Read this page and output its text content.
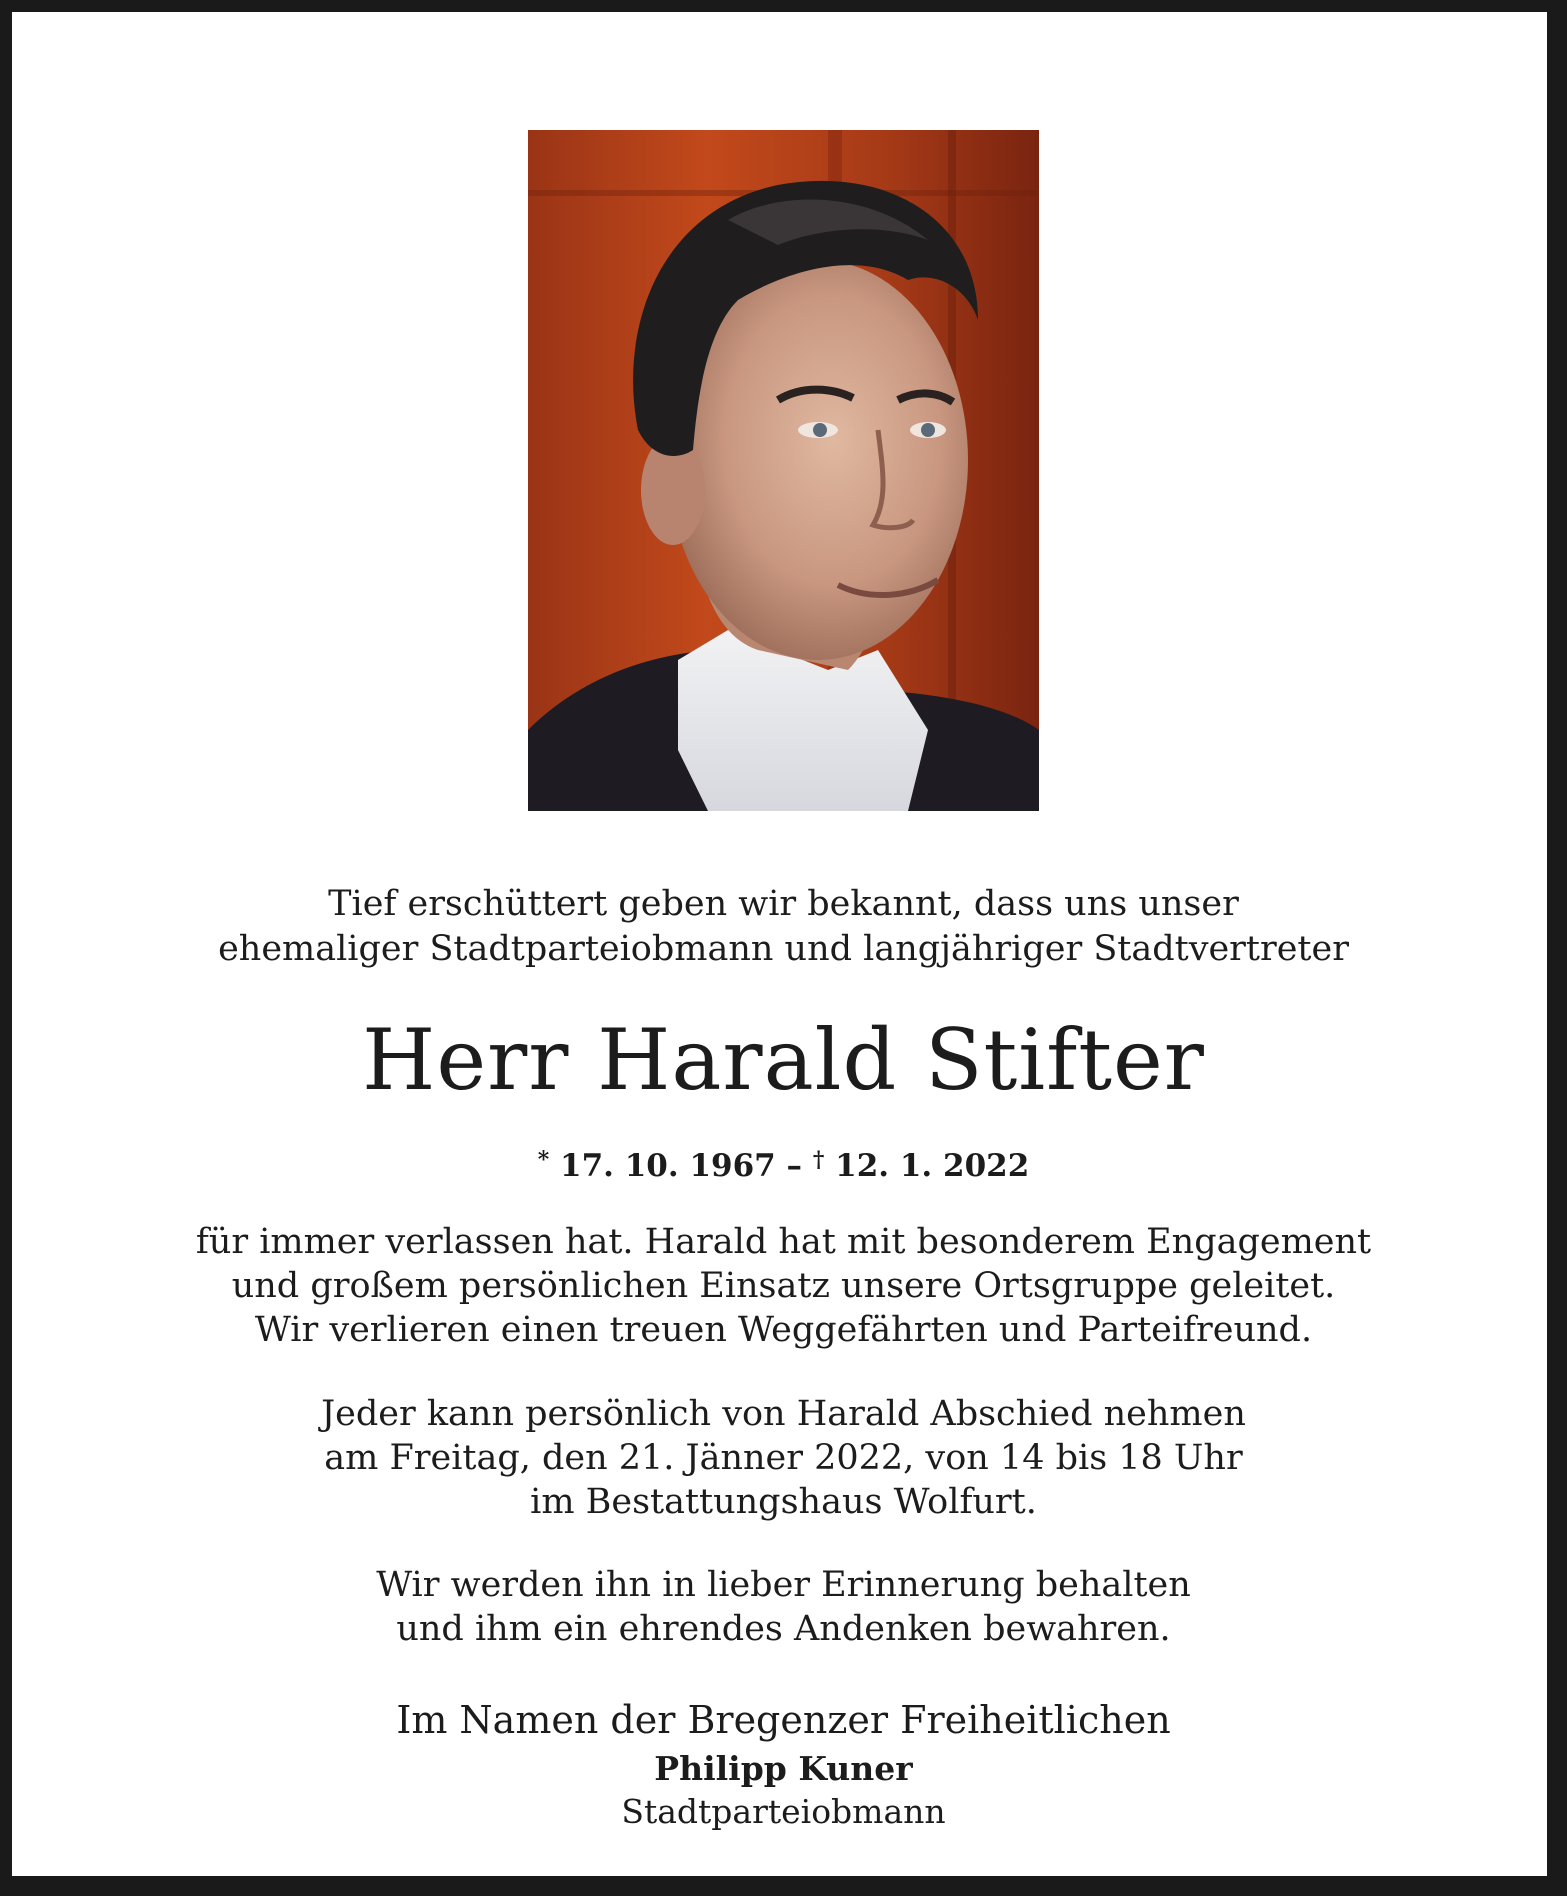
Tief erschüttert geben wir bekannt, dass uns unser
ehemaliger Stadtparteiobmann und langjähriger Stadtvertreter
Herr Harald Stifter
* 17. 10. 1967 – † 12. 1. 2022
für immer verlassen hat. Harald hat mit besonderem Engagement
und großem persönlichen Einsatz unsere Ortsgruppe geleitet.
Wir verlieren einen treuen Weggefährten und Parteifreund.
Jeder kann persönlich von Harald Abschied nehmen
am Freitag, den 21. Jänner 2022, von 14 bis 18 Uhr
im Bestattungshaus Wolfurt.
Wir werden ihn in lieber Erinnerung behalten
und ihm ein ehrendes Andenken bewahren.
Im Namen der Bregenzer Freiheitlichen
Philipp Kuner
Stadtparteiobmann
